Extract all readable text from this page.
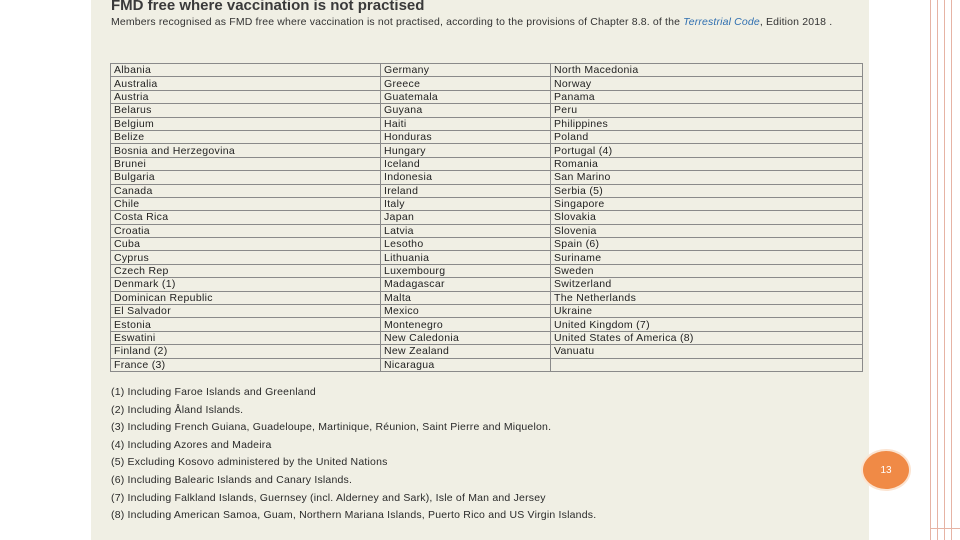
FMD free where vaccination is not practised

Members recognised as FMD free where vaccination is not practised, according to the provisions of Chapter 8.8. of the Terrestrial Code, Edition 2018 .

Albania	Germany	North Macedonia
Australia	Greece	Norway
Austria	Guatemala	Panama
Belarus	Guyana	Peru
Belgium	Haiti	Philippines
Belize	Honduras	Poland
Bosnia and Herzegovina	Hungary	Portugal (4)
Brunei	Iceland	Romania
Bulgaria	Indonesia	San Marino
Canada	Ireland	Serbia (5)
Chile	Italy	Singapore
Costa Rica	Japan	Slovakia
Croatia	Latvia	Slovenia
Cuba	Lesotho	Spain (6)
Cyprus	Lithuania	Suriname
Czech Rep	Luxembourg	Sweden
Denmark (1)	Madagascar	Switzerland
Dominican Republic	Malta	The Netherlands
El Salvador	Mexico	Ukraine
Estonia	Montenegro	United Kingdom (7)
Eswatini	New Caledonia	United States of America (8)
Finland (2)	New Zealand	Vanuatu
France (3)	Nicaragua	
(1) Including Faroe Islands and Greenland
(2) Including Åland Islands.
(3) Including French Guiana, Guadeloupe, Martinique, Réunion, Saint Pierre and Miquelon.
(4) Including Azores and Madeira
(5) Excluding Kosovo administered by the United Nations
(6) Including Balearic Islands and Canary Islands.
(7) Including Falkland Islands, Guernsey (incl. Alderney and Sark), Isle of Man and Jersey
(8) Including American Samoa, Guam, Northern Mariana Islands, Puerto Rico and US Virgin Islands.
13
